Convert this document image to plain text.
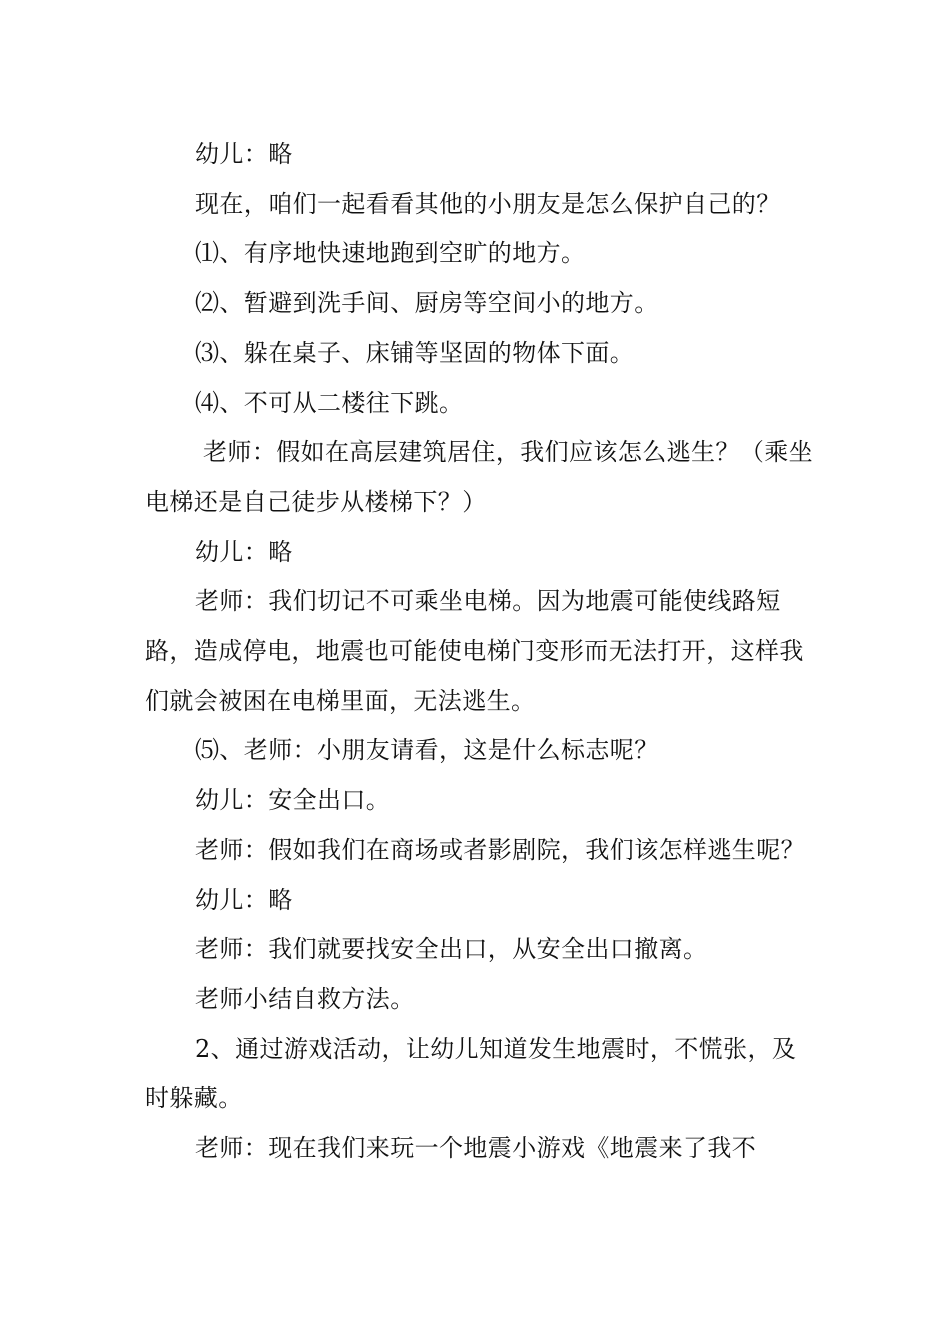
幼儿：略

现在，咱们一起看看其他的小朋友是怎么保护自己的？

⑴、有序地快速地跑到空旷的地方。

⑵、暂避到洗手间、厨房等空间小的地方。

⑶、躲在桌子、床铺等坚固的物体下面。

⑷、不可从二楼往下跳。

老师：假如在高层建筑居住，我们应该怎么逃生？（乘坐电梯还是自己徒步从楼梯下？）

幼儿：略

老师：我们切记不可乘坐电梯。因为地震可能使线路短路，造成停电，地震也可能使电梯门变形而无法打开，这样我们就会被困在电梯里面，无法逃生。

⑸、老师：小朋友请看，这是什么标志呢？

幼儿：安全出口。

老师：假如我们在商场或者影剧院，我们该怎样逃生呢？

幼儿：略

老师：我们就要找安全出口，从安全出口撤离。

老师小结自救方法。

2、通过游戏活动，让幼儿知道发生地震时，不慌张，及时躲藏。

老师：现在我们来玩一个地震小游戏《地震来了我不
